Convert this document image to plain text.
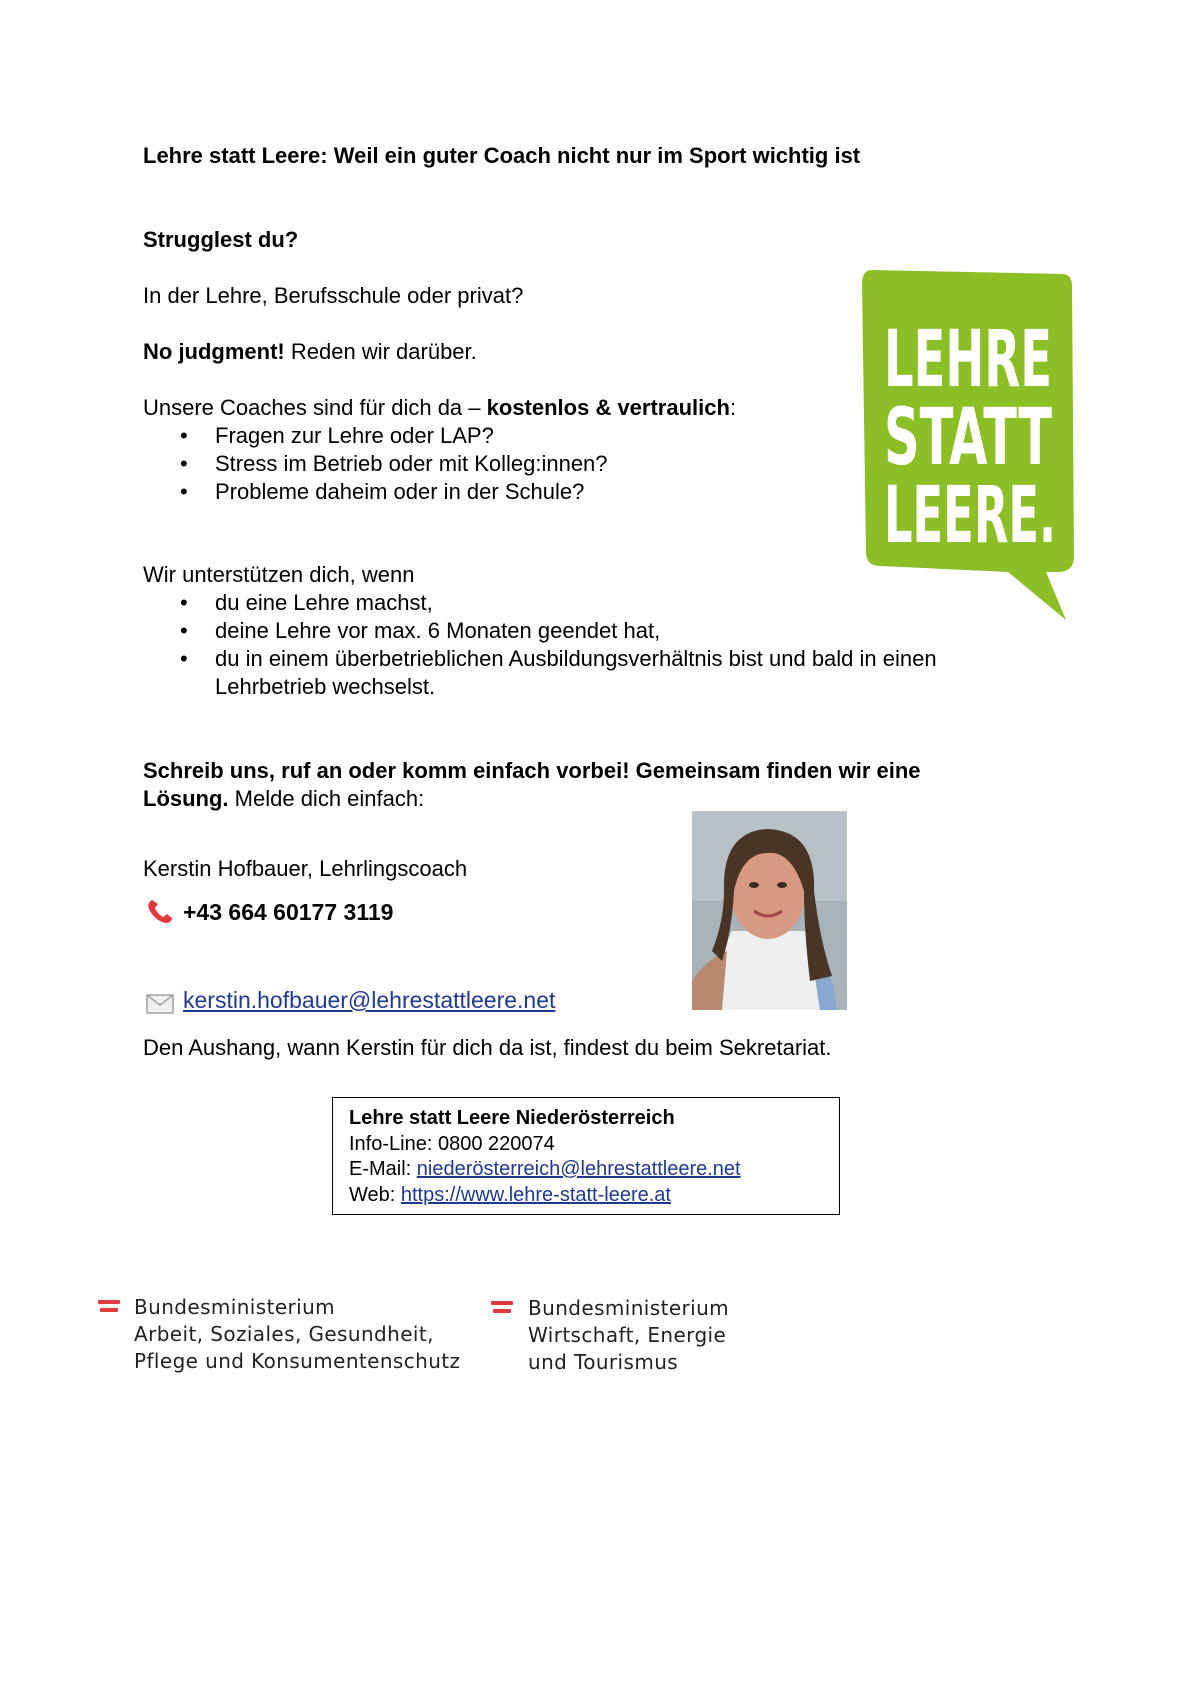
Lehre statt Leere: Weil ein guter Coach nicht nur im Sport wichtig ist
Strugglest du?
In der Lehre, Berufsschule oder privat?
No judgment! Reden wir darüber.
Unsere Coaches sind für dich da – kostenlos & vertraulich:
• Fragen zur Lehre oder LAP?
• Stress im Betrieb oder mit Kolleg:innen?
• Probleme daheim oder in der Schule?
Wir unterstützen dich, wenn
• du eine Lehre machst,
• deine Lehre vor max. 6 Monaten geendet hat,
• du in einem überbetrieblichen Ausbildungsverhältnis bist und bald in einen
Lehrbetrieb wechselst.
LEHRE
STATT
LEERE.
Schreib uns, ruf an oder komm einfach vorbei! Gemeinsam finden wir eine
Lösung. Melde dich einfach:
Kerstin Hofbauer, Lehrlingscoach
+43 664 60177 3119
kerstin.hofbauer@lehrestattleere.net
Den Aushang, wann Kerstin für dich da ist, findest du beim Sekretariat.
Lehre statt Leere Niederösterreich
Info-Line: 0800 220074
E-Mail: niederösterreich@lehrestattleere.net
Web: https://www.lehre-statt-leere.at
Bundesministerium
Arbeit, Soziales, Gesundheit,
Pflege und Konsumentenschutz
Bundesministerium
Wirtschaft, Energie
und Tourismus
